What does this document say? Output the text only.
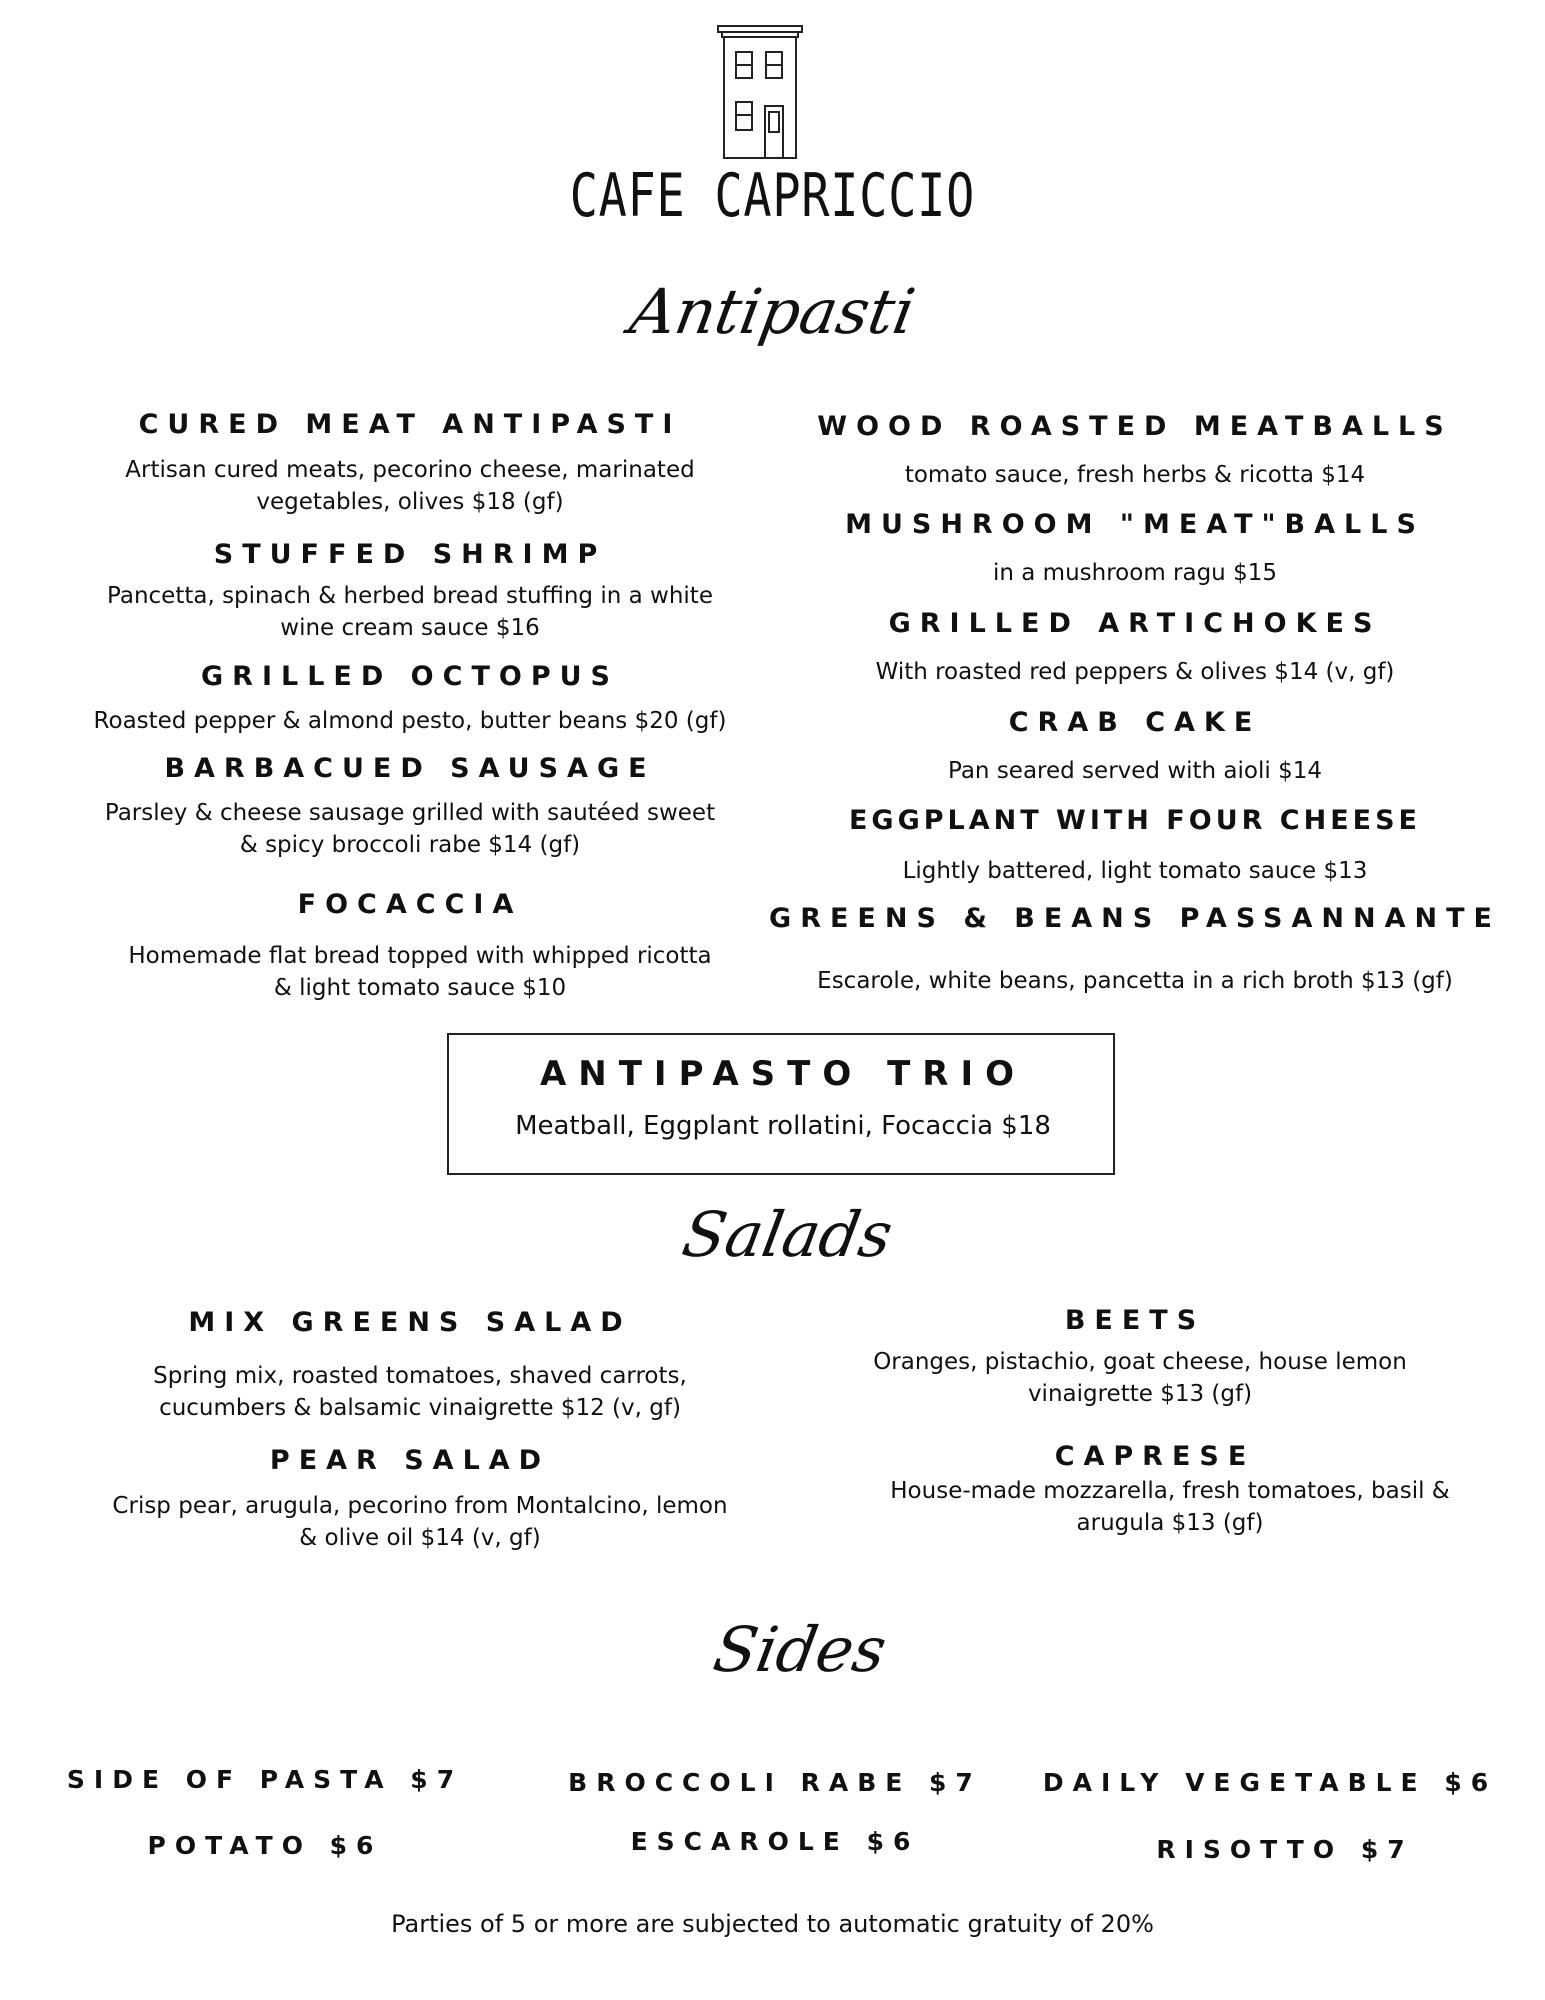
CAFE CAPRICCIO
Antipasti
CURED MEAT ANTIPASTI
Artisan cured meats, pecorino cheese, marinated vegetables, olives $18 (gf)
STUFFED SHRIMP
Pancetta, spinach & herbed bread stuffing in a white wine cream sauce $16
GRILLED OCTOPUS
Roasted pepper & almond pesto, butter beans $20 (gf)
BARBACUED SAUSAGE
Parsley & cheese sausage grilled with sautéed sweet & spicy broccoli rabe $14 (gf)
FOCACCIA
Homemade flat bread topped with whipped ricotta & light tomato sauce $10
WOOD ROASTED MEATBALLS
tomato sauce, fresh herbs & ricotta $14
MUSHROOM "MEAT"BALLS
in a mushroom ragu $15
GRILLED ARTICHOKES
With roasted red peppers & olives $14 (v, gf)
CRAB CAKE
Pan seared served with aioli $14
EGGPLANT WITH FOUR CHEESE
Lightly battered, light tomato sauce $13
GREENS & BEANS PASSANNANTE
Escarole, white beans, pancetta in a rich broth $13 (gf)
ANTIPASTO TRIO
Meatball, Eggplant rollatini, Focaccia $18
Salads
MIX GREENS SALAD
Spring mix, roasted tomatoes, shaved carrots, cucumbers & balsamic vinaigrette $12 (v, gf)
PEAR SALAD
Crisp pear, arugula, pecorino from Montalcino, lemon & olive oil $14 (v, gf)
BEETS
Oranges, pistachio, goat cheese, house lemon vinaigrette $13 (gf)
CAPRESE
House-made mozzarella, fresh tomatoes, basil & arugula $13 (gf)
Sides
SIDE OF PASTA $7	BROCCOLI RABE $7	DAILY VEGETABLE $6
POTATO $6	ESCAROLE $6	RISOTTO $7
Parties of 5 or more are subjected to automatic gratuity of 20%
